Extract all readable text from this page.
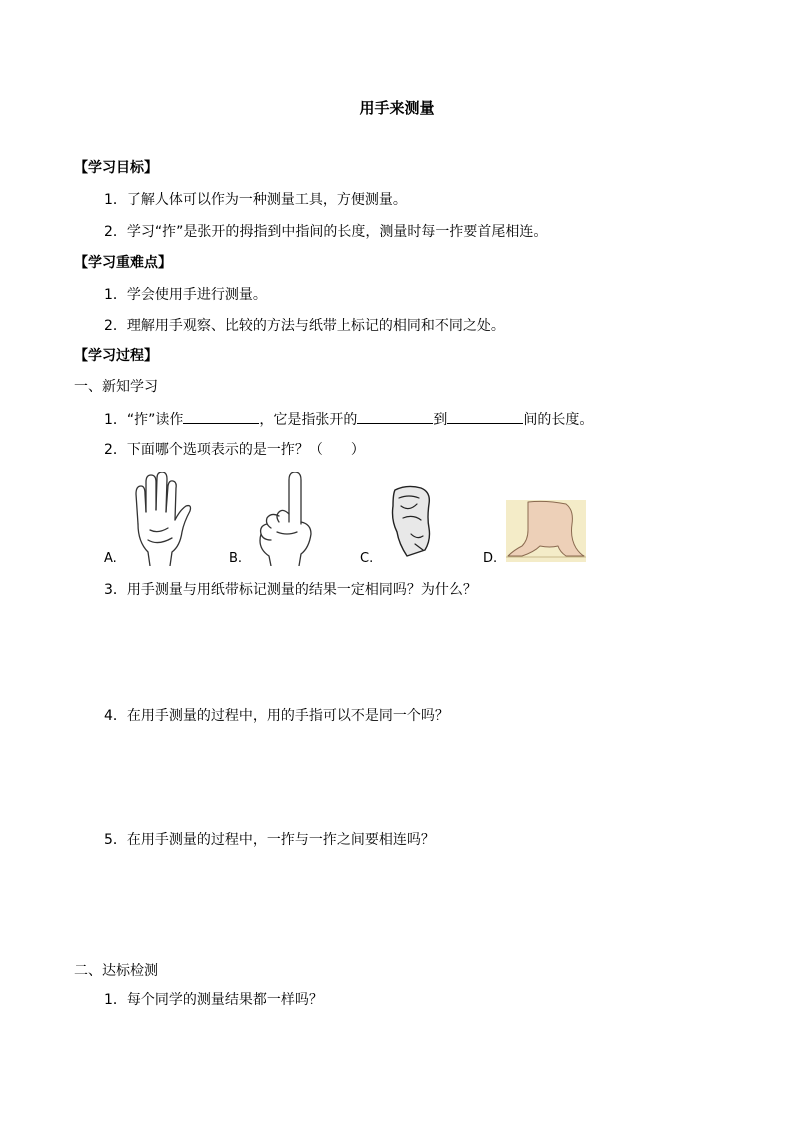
用手来测量
【学习目标】
1．了解人体可以作为一种测量工具，方便测量。
2．学习“拃”是张开的拇指到中指间的长度，测量时每一拃要首尾相连。
【学习重难点】
1．学会使用手进行测量。
2．理解用手观察、比较的方法与纸带上标记的相同和不同之处。
【学习过程】
一、新知学习
1．“拃”读作	，它是指张开的	到	间的长度。
2．下面哪个选项表示的是一拃？（　　）
A.	B.	C.	D.
3．用手测量与用纸带标记测量的结果一定相同吗？为什么？
4．在用手测量的过程中，用的手指可以不是同一个吗？
5．在用手测量的过程中，一拃与一拃之间要相连吗？
二、达标检测
1．每个同学的测量结果都一样吗？
